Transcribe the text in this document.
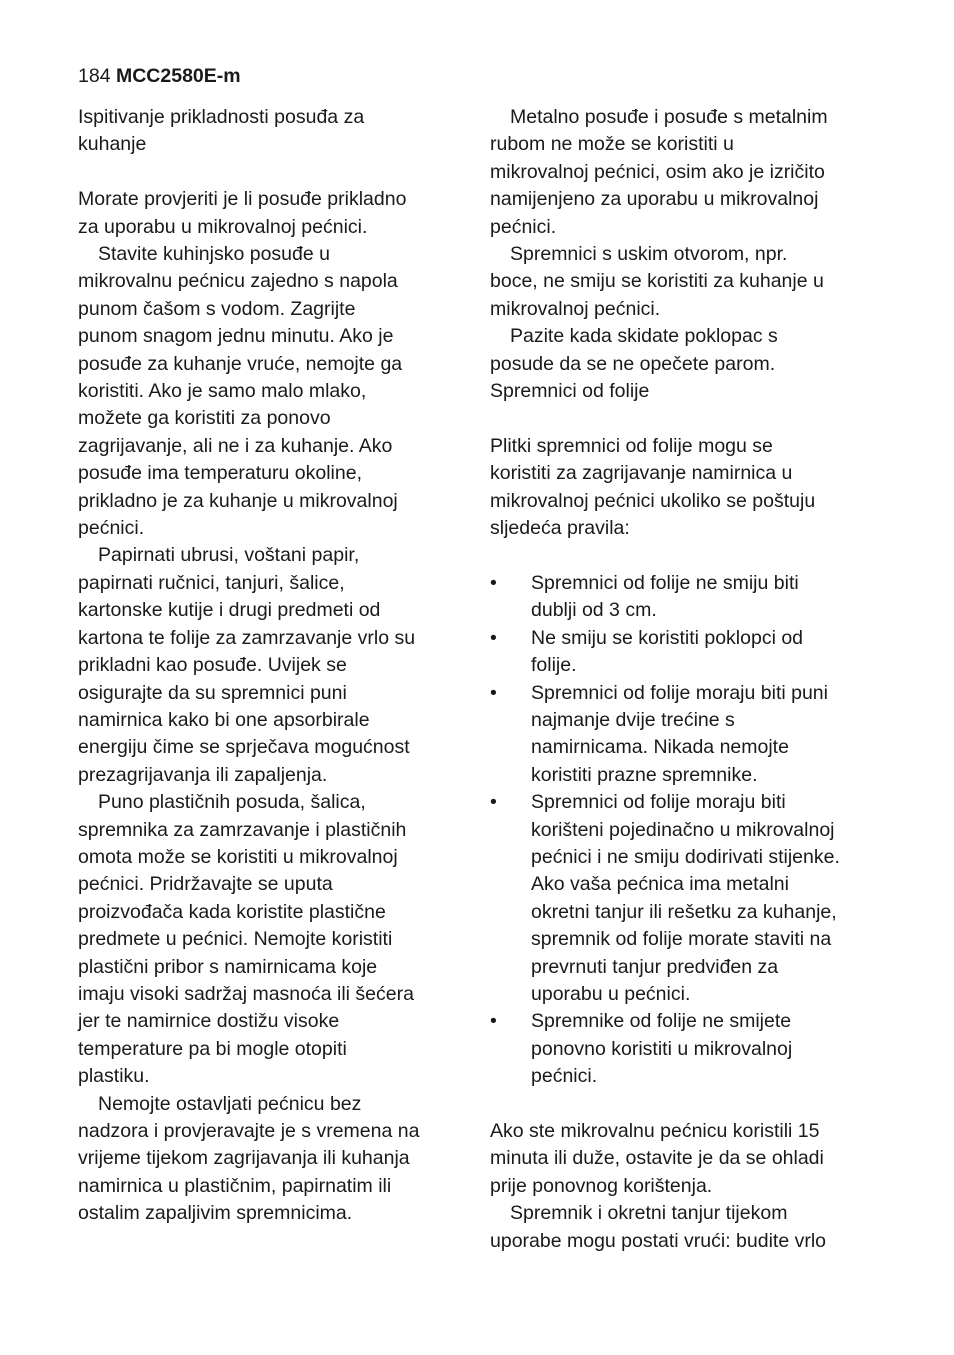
184 MCC2580E-m

Ispitivanje prikladnosti posuđa za

kuhanje

Morate provjeriti je li posuđe prikladno

za uporabu u mikrovalnoj pećnici.

Stavite kuhinjsko posuđe u

mikrovalnu pećnicu zajedno s napola

punom čašom s vodom. Zagrijte

punom snagom jednu minutu. Ako je

posuđe za kuhanje vruće, nemojte ga

koristiti. Ako je samo malo mlako,

možete ga koristiti za ponovo

zagrijavanje, ali ne i za kuhanje. Ako

posuđe ima temperaturu okoline,

prikladno je za kuhanje u mikrovalnoj

pećnici.

Papirnati ubrusi, voštani papir,

papirnati ručnici, tanjuri, šalice,

kartonske kutije i drugi predmeti od

kartona te folije za zamrzavanje vrlo su

prikladni kao posuđe. Uvijek se

osigurajte da su spremnici puni

namirnica kako bi one apsorbirale

energiju čime se sprječava mogućnost

prezagrijavanja ili zapaljenja.

Puno plastičnih posuda, šalica,

spremnika za zamrzavanje i plastičnih

omota može se koristiti u mikrovalnoj

pećnici. Pridržavajte se uputa

proizvođača kada koristite plastične

predmete u pećnici. Nemojte koristiti

plastični pribor s namirnicama koje

imaju visoki sadržaj masnoća ili šećera

jer te namirnice dostižu visoke

temperature pa bi mogle otopiti

plastiku.

Nemojte ostavljati pećnicu bez

nadzora i provjeravajte je s vremena na

vrijeme tijekom zagrijavanja ili kuhanja

namirnica u plastičnim, papirnatim ili

ostalim zapaljivim spremnicima.

Metalno posuđe i posuđe s metalnim

rubom ne može se koristiti u

mikrovalnoj pećnici, osim ako je izričito

namijenjeno za uporabu u mikrovalnoj

pećnici.

Spremnici s uskim otvorom, npr.

boce, ne smiju se koristiti za kuhanje u

mikrovalnoj pećnici.

Pazite kada skidate poklopac s

posude da se ne opečete parom.

Spremnici od folije

Plitki spremnici od folije mogu se

koristiti za zagrijavanje namirnica u

mikrovalnoj pećnici ukoliko se poštuju

sljedeća pravila:

•	Spremnici od folije ne smiju biti

dublji od 3 cm.

•	Ne smiju se koristiti poklopci od

folije.

•	Spremnici od folije moraju biti puni

najmanje dvije trećine s

namirnicama. Nikada nemojte

koristiti prazne spremnike.

•	Spremnici od folije moraju biti

korišteni pojedinačno u mikrovalnoj

pećnici i ne smiju dodirivati stijenke.

Ako vaša pećnica ima metalni

okretni tanjur ili rešetku za kuhanje,

spremnik od folije morate staviti na

prevrnuti tanjur predviđen za

uporabu u pećnici.

•	Spremnike od folije ne smijete

ponovno koristiti u mikrovalnoj

pećnici.

Ako ste mikrovalnu pećnicu koristili 15

minuta ili duže, ostavite je da se ohladi

prije ponovnog korištenja.

Spremnik i okretni tanjur tijekom

uporabe mogu postati vrući: budite vrlo
